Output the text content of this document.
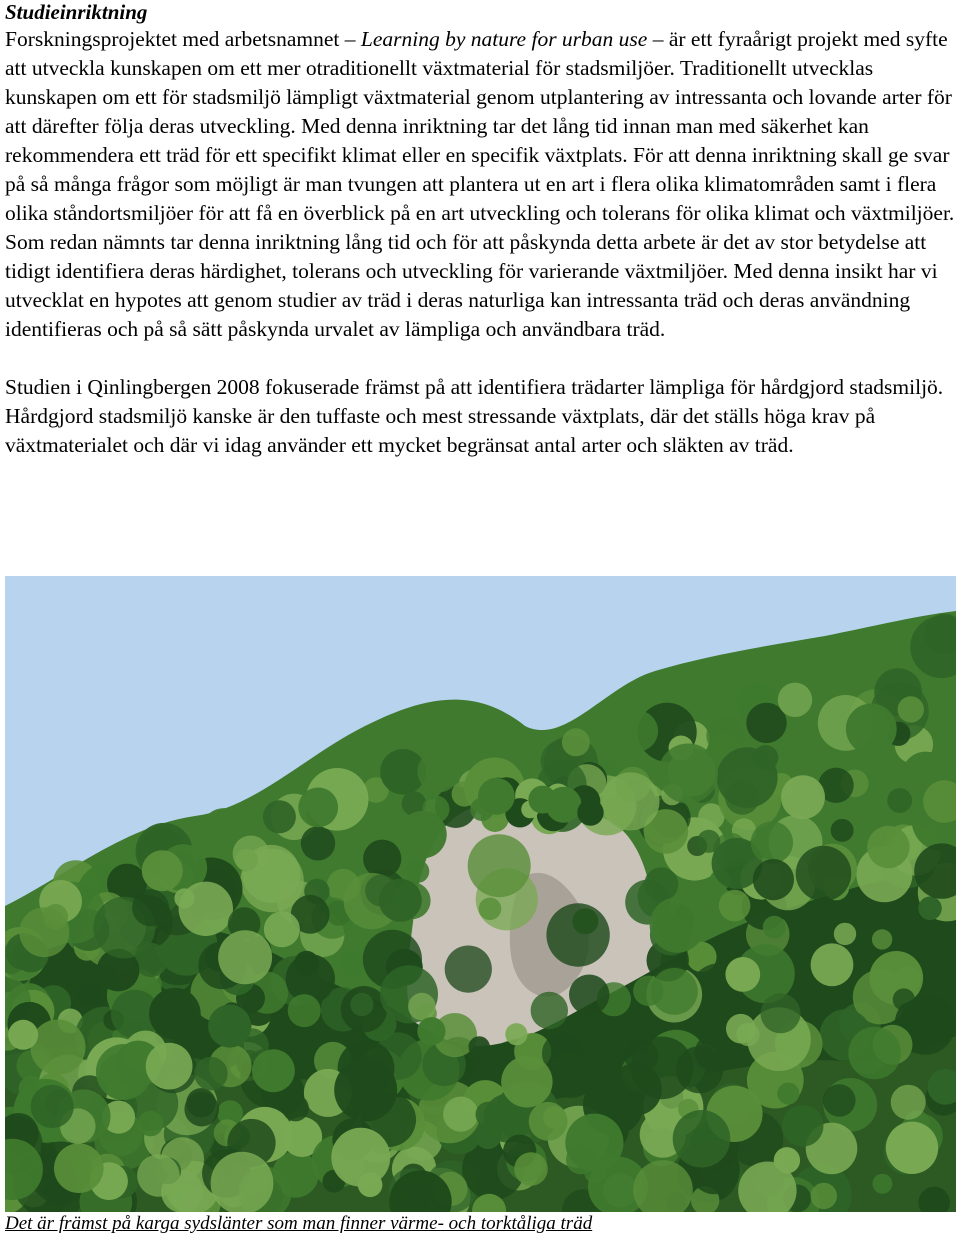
Studieinriktning

Forskningsprojektet med arbetsnamnet – Learning by nature for urban use – är ett fyraårigt projekt med syfte att utveckla kunskapen om ett mer otraditionellt växtmaterial för stadsmiljöer. Traditionellt utvecklas kunskapen om ett för stadsmiljö lämpligt växtmaterial genom utplantering av intressanta och lovande arter för att därefter följa deras utveckling. Med denna inriktning tar det lång tid innan man med säkerhet kan rekommendera ett träd för ett specifikt klimat eller en specifik växtplats. För att denna inriktning skall ge svar på så många frågor som möjligt är man tvungen att plantera ut en art i flera olika klimatområden samt i flera olika ståndortsmiljöer för att få en överblick på en art utveckling och tolerans för olika klimat och växtmiljöer. Som redan nämnts tar denna inriktning lång tid och för att påskynda detta arbete är det av stor betydelse att tidigt identifiera deras härdighet, tolerans och utveckling för varierande växtmiljöer. Med denna insikt har vi utvecklat en hypotes att genom studier av träd i deras naturliga kan intressanta träd och deras användning identifieras och på så sätt påskynda urvalet av lämpliga och användbara träd.

Studien i Qinlingbergen 2008 fokuserade främst på att identifiera trädarter lämpliga för hårdgjord stadsmiljö. Hårdgjord stadsmiljö kanske är den tuffaste och mest stressande växtplats, där det ställs höga krav på växtmaterialet och där vi idag använder ett mycket begränsat antal arter och släkten av träd.

Det är främst på karga sydslänter som man finner värme- och torktåliga träd
